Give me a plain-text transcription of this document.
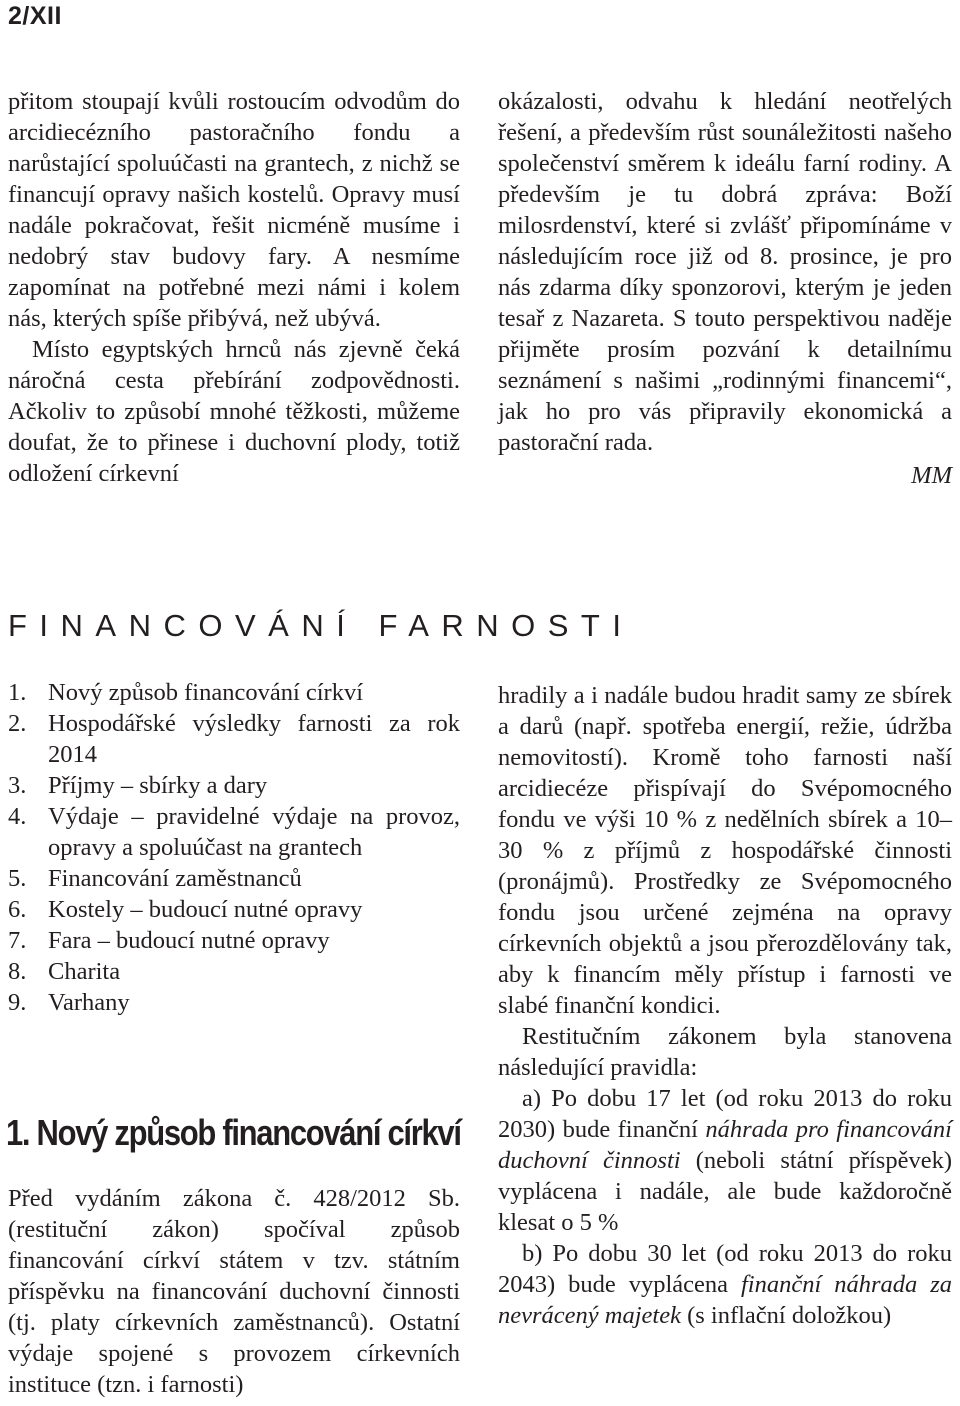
2/XII

přitom stoupají kvůli rostoucím odvodům do arcidiecézního pastoračního fondu a narůstající spoluúčasti na grantech, z nichž se financují opravy našich kostelů. Opravy musí nadále pokračovat, řešit nicméně musíme i nedobrý stav budovy fary. A nesmíme zapomínat na potřebné mezi námi i kolem nás, kterých spíše přibývá, než ubývá.

Místo egyptských hrnců nás zjevně čeká náročná cesta přebírání zodpovědnosti. Ačkoliv to způsobí mnohé těžkosti, můžeme doufat, že to přinese i duchovní plody, totiž odložení církevní

okázalosti, odvahu k hledání neotřelých řešení, a především růst sounáležitosti našeho společenství směrem k ideálu farní rodiny. A především je tu dobrá zpráva: Boží milosrdenství, které si zvlášť připomínáme v následujícím roce již od 8. prosince, je pro nás zdarma díky sponzorovi, kterým je jeden tesař z Nazareta. S touto perspektivou naděje přijměte prosím pozvání k detailnímu seznámení s našimi „rodinnými financemi“, jak ho pro vás připravily ekonomická a pastorační rada.

MM

FINANCOVÁNÍ FARNOSTI
1. Nový způsob financování církví
2. Hospodářské výsledky farnosti za rok 2014
3. Příjmy – sbírky a dary
4. Výdaje – pravidelné výdaje na provoz, opravy a spoluúčast na grantech
5. Financování zaměstnanců
6. Kostely – budoucí nutné opravy
7. Fara – budoucí nutné opravy
8. Charita
9. Varhany
1. Nový způsob financování církví

Před vydáním zákona č. 428/2012 Sb. (restituční zákon) spočíval způsob financování církví státem v tzv. státním příspěvku na financování duchovní činnosti (tj. platy církevních zaměstnanců). Ostatní výdaje spojené s provozem církevních instituce (tzn. i farnosti)

hradily a i nadále budou hradit samy ze sbírek a darů (např. spotřeba energií, režie, údržba nemovitostí). Kromě toho farnosti naší arcidiecéze přispívají do Svépomocného fondu ve výši 10 % z nedělních sbírek a 10–30 % z příjmů z hospodářské činnosti (pronájmů). Prostředky ze Svépomocného fondu jsou určené zejména na opravy církevních objektů a jsou přerozdělovány tak, aby k financím měly přístup i farnosti ve slabé finanční kondici.

Restitučním zákonem byla stanovena následující pravidla:

a) Po dobu 17 let (od roku 2013 do roku 2030) bude finanční náhrada pro financování duchovní činnosti (neboli státní příspěvek) vyplácena i nadále, ale bude každoročně klesat o 5 %

b) Po dobu 30 let (od roku 2013 do roku 2043) bude vyplácena finanční náhrada za nevrácený majetek (s inflační doložkou)
